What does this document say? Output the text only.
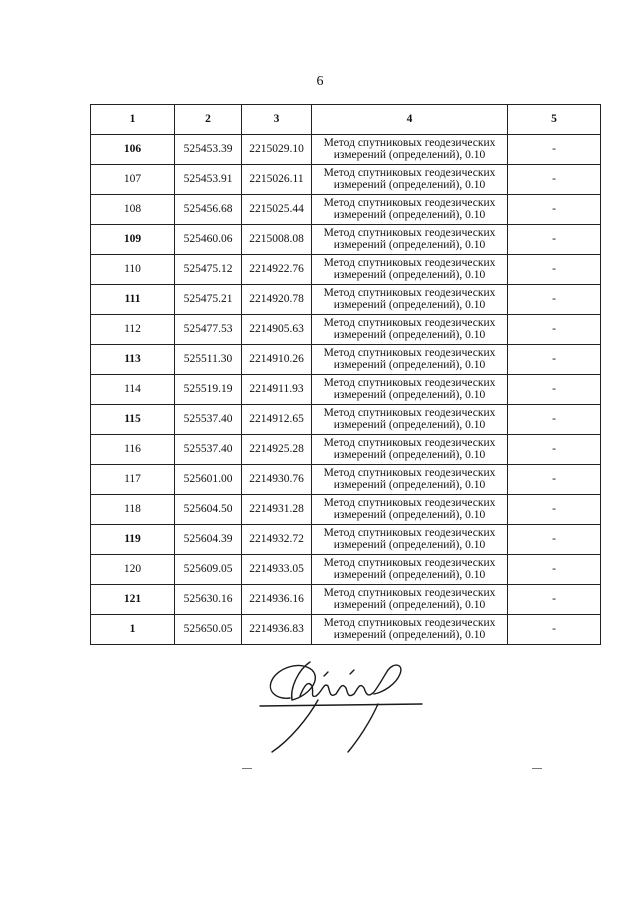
6
1	2	3	4	5
106	525453.39	2215029.10	Метод спутниковых геодезических
измерений (определений), 0.10	-
107	525453.91	2215026.11	Метод спутниковых геодезических
измерений (определений), 0.10	-
108	525456.68	2215025.44	Метод спутниковых геодезических
измерений (определений), 0.10	-
109	525460.06	2215008.08	Метод спутниковых геодезических
измерений (определений), 0.10	-
110	525475.12	2214922.76	Метод спутниковых геодезических
измерений (определений), 0.10	-
111	525475.21	2214920.78	Метод спутниковых геодезических
измерений (определений), 0.10	-
112	525477.53	2214905.63	Метод спутниковых геодезических
измерений (определений), 0.10	-
113	525511.30	2214910.26	Метод спутниковых геодезических
измерений (определений), 0.10	-
114	525519.19	2214911.93	Метод спутниковых геодезических
измерений (определений), 0.10	-
115	525537.40	2214912.65	Метод спутниковых геодезических
измерений (определений), 0.10	-
116	525537.40	2214925.28	Метод спутниковых геодезических
измерений (определений), 0.10	-
117	525601.00	2214930.76	Метод спутниковых геодезических
измерений (определений), 0.10	-
118	525604.50	2214931.28	Метод спутниковых геодезических
измерений (определений), 0.10	-
119	525604.39	2214932.72	Метод спутниковых геодезических
измерений (определений), 0.10	-
120	525609.05	2214933.05	Метод спутниковых геодезических
измерений (определений), 0.10	-
121	525630.16	2214936.16	Метод спутниковых геодезических
измерений (определений), 0.10	-
1	525650.05	2214936.83	Метод спутниковых геодезических
измерений (определений), 0.10	-
